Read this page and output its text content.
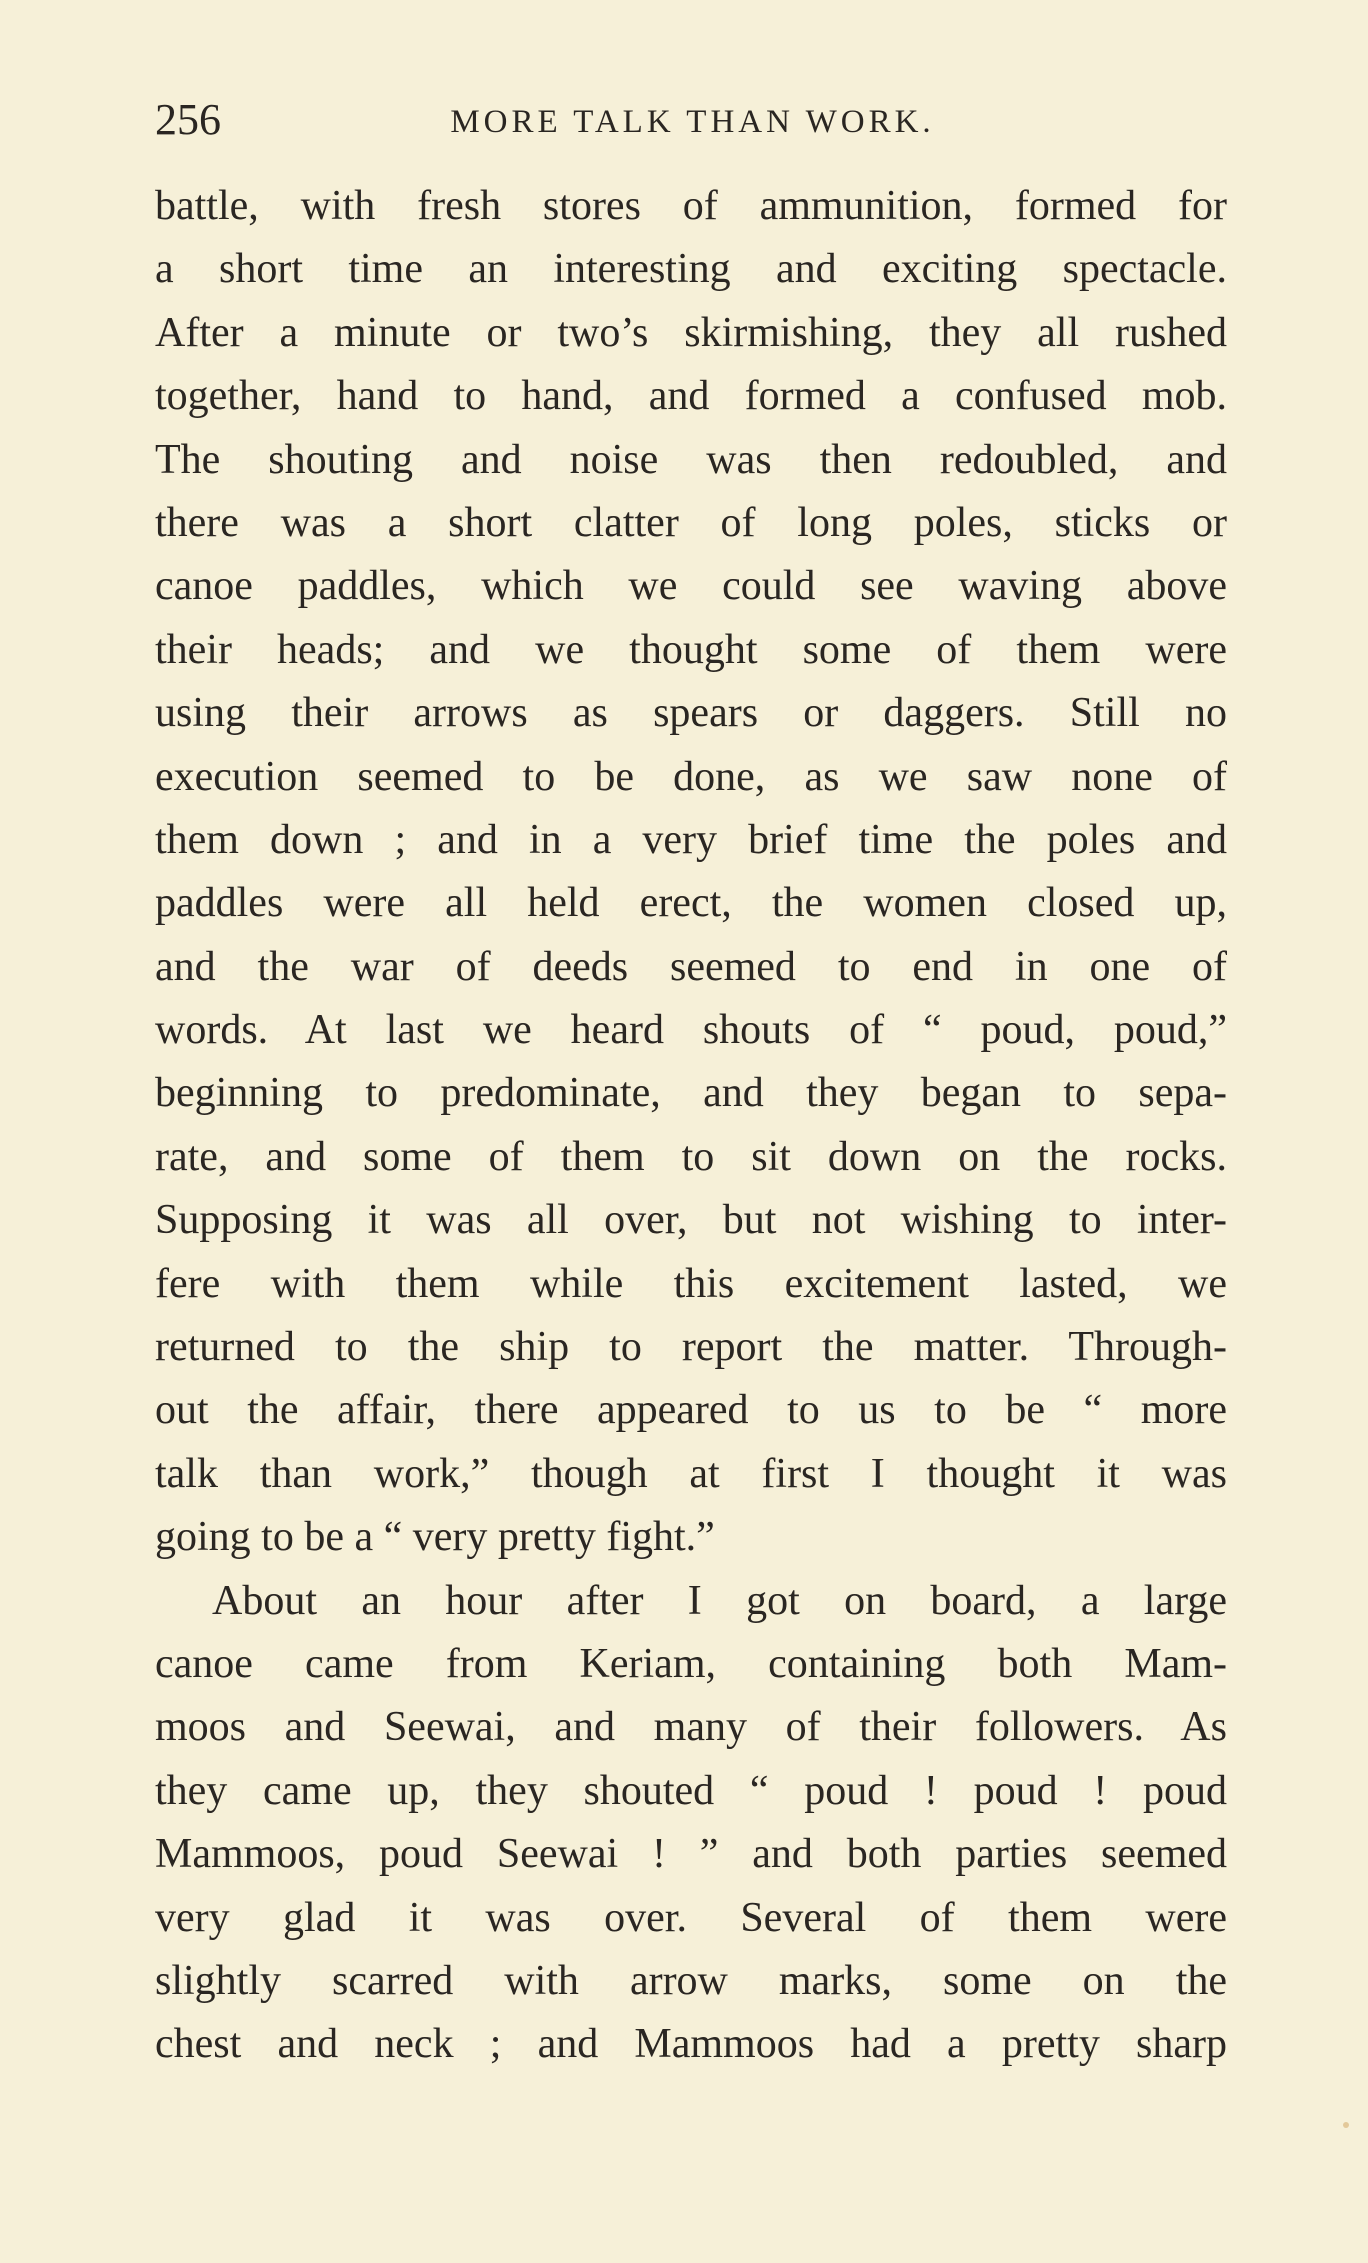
256	MORE TALK THAN WORK.
battle, with fresh stores of ammunition, formed for
a short time an interesting and exciting spectacle.
After a minute or two’s skirmishing, they all rushed
together, hand to hand, and formed a confused mob.
The shouting and noise was then redoubled, and
there was a short clatter of long poles, sticks or
canoe paddles, which we could see waving above
their heads; and we thought some of them were
using their arrows as spears or daggers. Still no
execution seemed to be done, as we saw none of
them down ; and in a very brief time the poles and
paddles were all held erect, the women closed up,
and the war of deeds seemed to end in one of
words. At last we heard shouts of “ poud, poud,”
beginning to predominate, and they began to sepa-
rate, and some of them to sit down on the rocks.
Supposing it was all over, but not wishing to inter-
fere with them while this excitement lasted, we
returned to the ship to report the matter. Through-
out the affair, there appeared to us to be “ more
talk than work,” though at first I thought it was
going to be a “ very pretty fight.”
About an hour after I got on board, a large
canoe came from Keriam, containing both Mam-
moos and Seewai, and many of their followers. As
they came up, they shouted “ poud ! poud ! poud
Mammoos, poud Seewai ! ” and both parties seemed
very glad it was over. Several of them were
slightly scarred with arrow marks, some on the
chest and neck ; and Mammoos had a pretty sharp
